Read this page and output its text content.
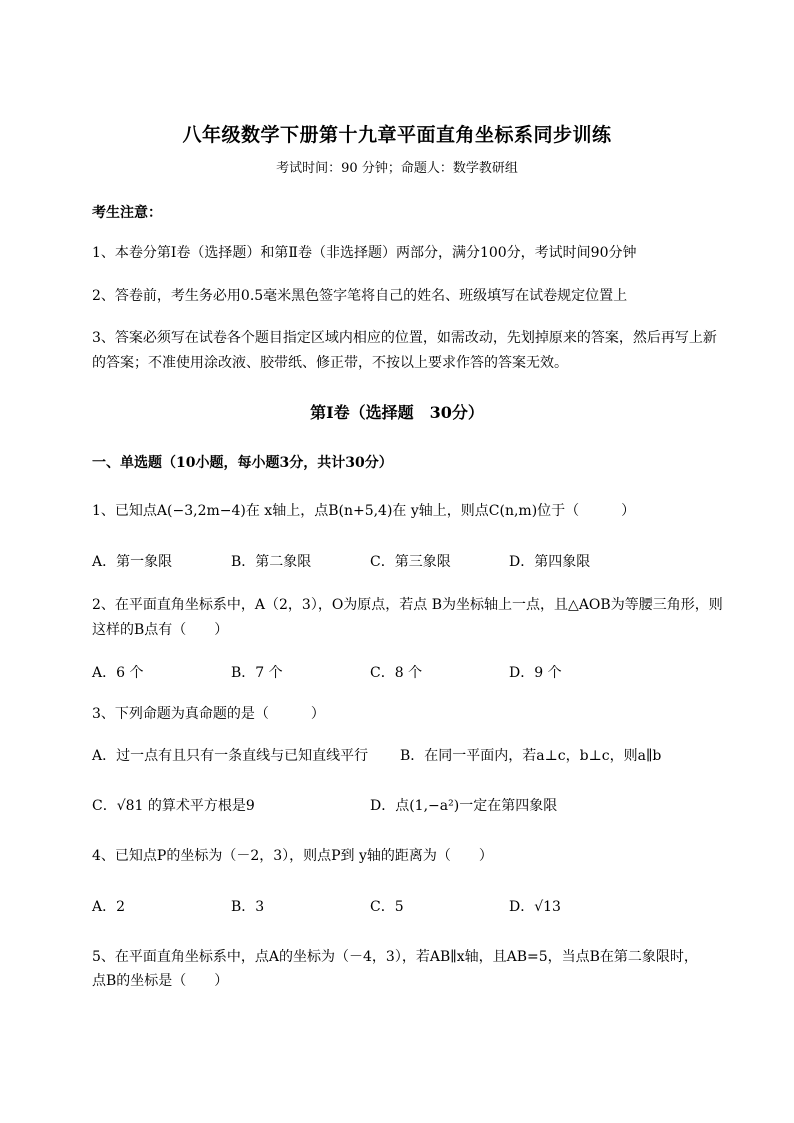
八年级数学下册第十九章平面直角坐标系同步训练
考试时间：90 分钟；命题人：数学教研组
考生注意：
1、本卷分第Ⅰ卷（选择题）和第Ⅱ卷（非选择题）两部分，满分100分，考试时间90分钟
2、答卷前，考生务必用0.5毫米黑色签字笔将自己的姓名、班级填写在试卷规定位置上
3、答案必须写在试卷各个题目指定区域内相应的位置，如需改动，先划掉原来的答案，然后再写上新
的答案；不准使用涂改液、胶带纸、修正带，不按以上要求作答的答案无效。
第Ⅰ卷（选择题　30分）
一、单选题（10小题，每小题3分，共计30分）
1、已知点A(−3,2m−4)在 x轴上，点B(n+5,4)在 y轴上，则点C(n,m)位于（　　　）
A．第一象限	B．第二象限	C．第三象限	D．第四象限
2、在平面直角坐标系中，A（2，3），O为原点，若点 B为坐标轴上一点，且△AOB为等腰三角形，则
这样的B点有（　　）
A．6 个	B．7 个	C．8 个	D．9 个
3、下列命题为真命题的是（　　　）
A．过一点有且只有一条直线与已知直线平行 B．在同一平面内，若a⊥c，b⊥c，则a∥b
C．√81 的算术平方根是9	D．点(1,−a²)一定在第四象限
4、已知点P的坐标为（－2，3），则点P到 y轴的距离为（　　）
A．2	B．3	C．5	D．√13
5、在平面直角坐标系中，点A的坐标为（－4，3），若AB∥x轴，且AB=5，当点B在第二象限时，
点B的坐标是（　　）
